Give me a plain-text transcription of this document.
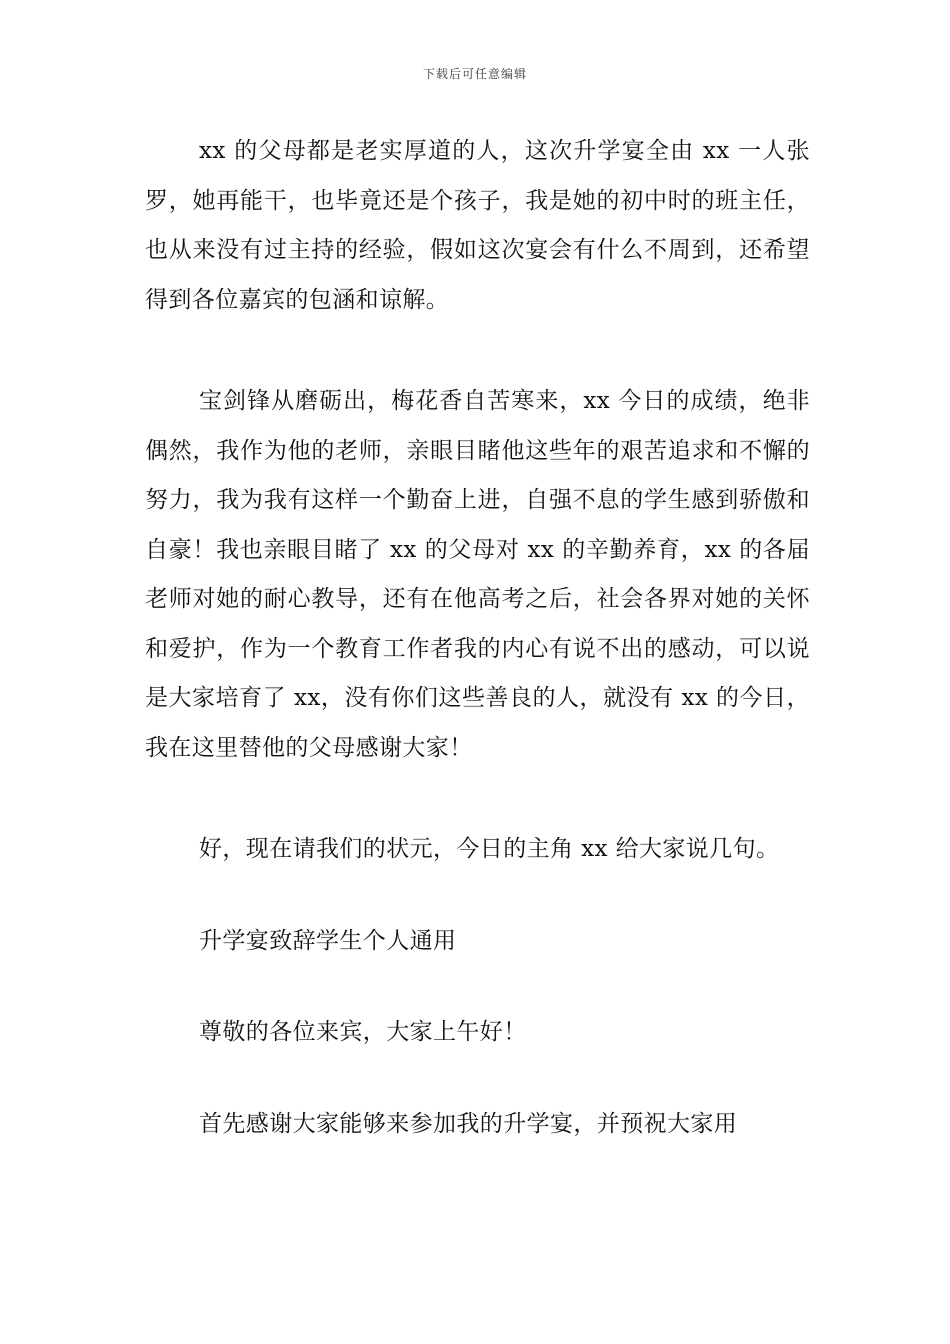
下载后可任意编辑

xx 的父母都是老实厚道的人，这次升学宴全由 xx 一人张罗，她再能干，也毕竟还是个孩子，我是她的初中时的班主任，也从来没有过主持的经验，假如这次宴会有什么不周到，还希望得到各位嘉宾的包涵和谅解。

宝剑锋从磨砺出，梅花香自苦寒来，xx 今日的成绩，绝非偶然，我作为他的老师，亲眼目睹他这些年的艰苦追求和不懈的努力，我为我有这样一个勤奋上进，自强不息的学生感到骄傲和自豪！我也亲眼目睹了 xx 的父母对 xx 的辛勤养育，xx 的各届老师对她的耐心教导，还有在他高考之后，社会各界对她的关怀和爱护，作为一个教育工作者我的内心有说不出的感动，可以说是大家培育了 xx，没有你们这些善良的人，就没有 xx 的今日，我在这里替他的父母感谢大家！

好，现在请我们的状元，今日的主角 xx 给大家说几句。

升学宴致辞学生个人通用

尊敬的各位来宾，大家上午好！

首先感谢大家能够来参加我的升学宴，并预祝大家用
